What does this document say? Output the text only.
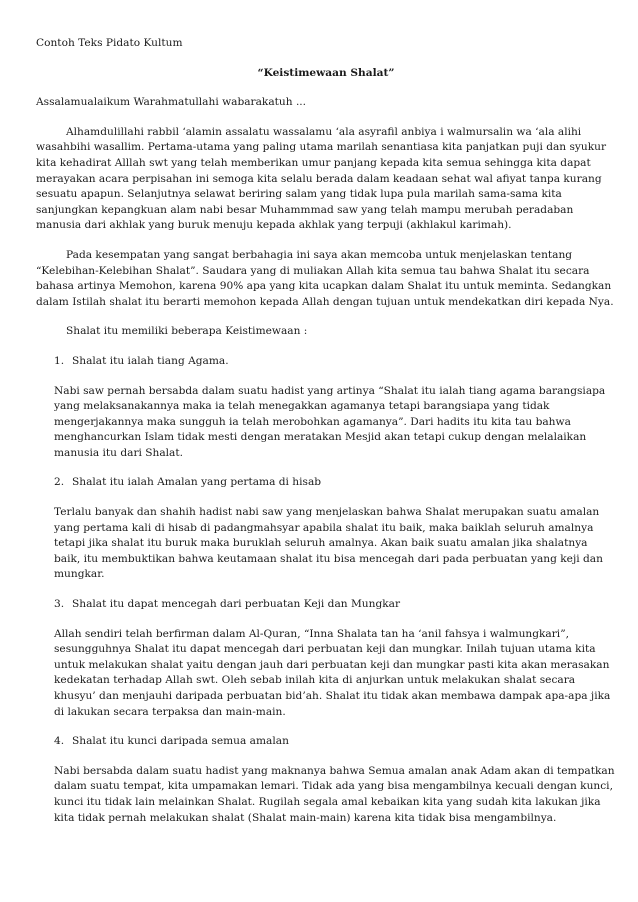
Contoh Teks Pidato Kultum

“Keistimewaan Shalat”

Assalamualaikum Warahmatullahi wabarakatuh ...

Alhamdulillahi rabbil ‘alamin assalatu wassalamu ‘ala asyrafil anbiya i walmursalin wa ‘ala alihi wasahbihi wasallim. Pertama-utama yang paling utama marilah senantiasa kita panjatkan puji dan syukur kita kehadirat Alllah swt yang telah memberikan umur panjang kepada kita semua sehingga kita dapat merayakan acara perpisahan ini semoga kita selalu berada dalam keadaan sehat wal afiyat tanpa kurang sesuatu apapun. Selanjutnya selawat beriring salam yang tidak lupa pula marilah sama-sama kita sanjungkan kepangkuan alam nabi besar Muhammmad saw yang telah mampu merubah peradaban manusia dari akhlak yang buruk menuju kepada akhlak yang terpuji (akhlakul karimah).

Pada kesempatan yang sangat berbahagia ini saya akan memcoba untuk menjelaskan tentang “Kelebihan-Kelebihan Shalat”. Saudara yang di muliakan Allah kita semua tau bahwa Shalat itu secara bahasa artinya Memohon, karena 90% apa yang kita ucapkan dalam Shalat itu untuk meminta. Sedangkan dalam Istilah shalat itu berarti memohon kepada Allah dengan tujuan untuk mendekatkan diri kepada Nya.

Shalat itu memiliki beberapa Keistimewaan :

1. Shalat itu ialah tiang Agama.

Nabi saw pernah bersabda dalam suatu hadist yang artinya “Shalat itu ialah tiang agama barangsiapa yang melaksanakannya maka ia telah menegakkan agamanya tetapi barangsiapa yang tidak mengerjakannya maka sungguh ia telah merobohkan agamanya”. Dari hadits itu kita tau bahwa menghancurkan Islam tidak mesti dengan meratakan Mesjid akan tetapi cukup dengan melalaikan manusia itu dari Shalat.

2. Shalat itu ialah Amalan yang pertama di hisab

Terlalu banyak dan shahih hadist nabi saw yang menjelaskan bahwa Shalat merupakan suatu amalan yang pertama kali di hisab di padangmahsyar apabila shalat itu baik, maka baiklah seluruh amalnya tetapi jika shalat itu buruk maka buruklah seluruh amalnya. Akan baik suatu amalan jika shalatnya baik, itu membuktikan bahwa keutamaan shalat itu bisa mencegah dari pada perbuatan yang keji dan mungkar.

3. Shalat itu dapat mencegah dari perbuatan Keji dan Mungkar

Allah sendiri telah berfirman dalam Al-Quran, “Inna Shalata tan ha ‘anil fahsya i walmungkari”, sesungguhnya Shalat itu dapat mencegah dari perbuatan keji dan mungkar. Inilah tujuan utama kita untuk melakukan shalat yaitu dengan jauh dari perbuatan keji dan mungkar pasti kita akan merasakan kedekatan terhadap Allah swt. Oleh sebab inilah kita di anjurkan untuk melakukan shalat secara khusyu’ dan menjauhi daripada perbuatan bid’ah. Shalat itu tidak akan membawa dampak apa-apa jika di lakukan secara terpaksa dan main-main.

4. Shalat itu kunci daripada semua amalan

Nabi bersabda dalam suatu hadist yang maknanya bahwa Semua amalan anak Adam akan di tempatkan dalam suatu tempat, kita umpamakan lemari. Tidak ada yang bisa mengambilnya kecuali dengan kunci, kunci itu tidak lain melainkan Shalat. Rugilah segala amal kebaikan kita yang sudah kita lakukan jika kita tidak pernah melakukan shalat (Shalat main-main) karena kita tidak bisa mengambilnya.
